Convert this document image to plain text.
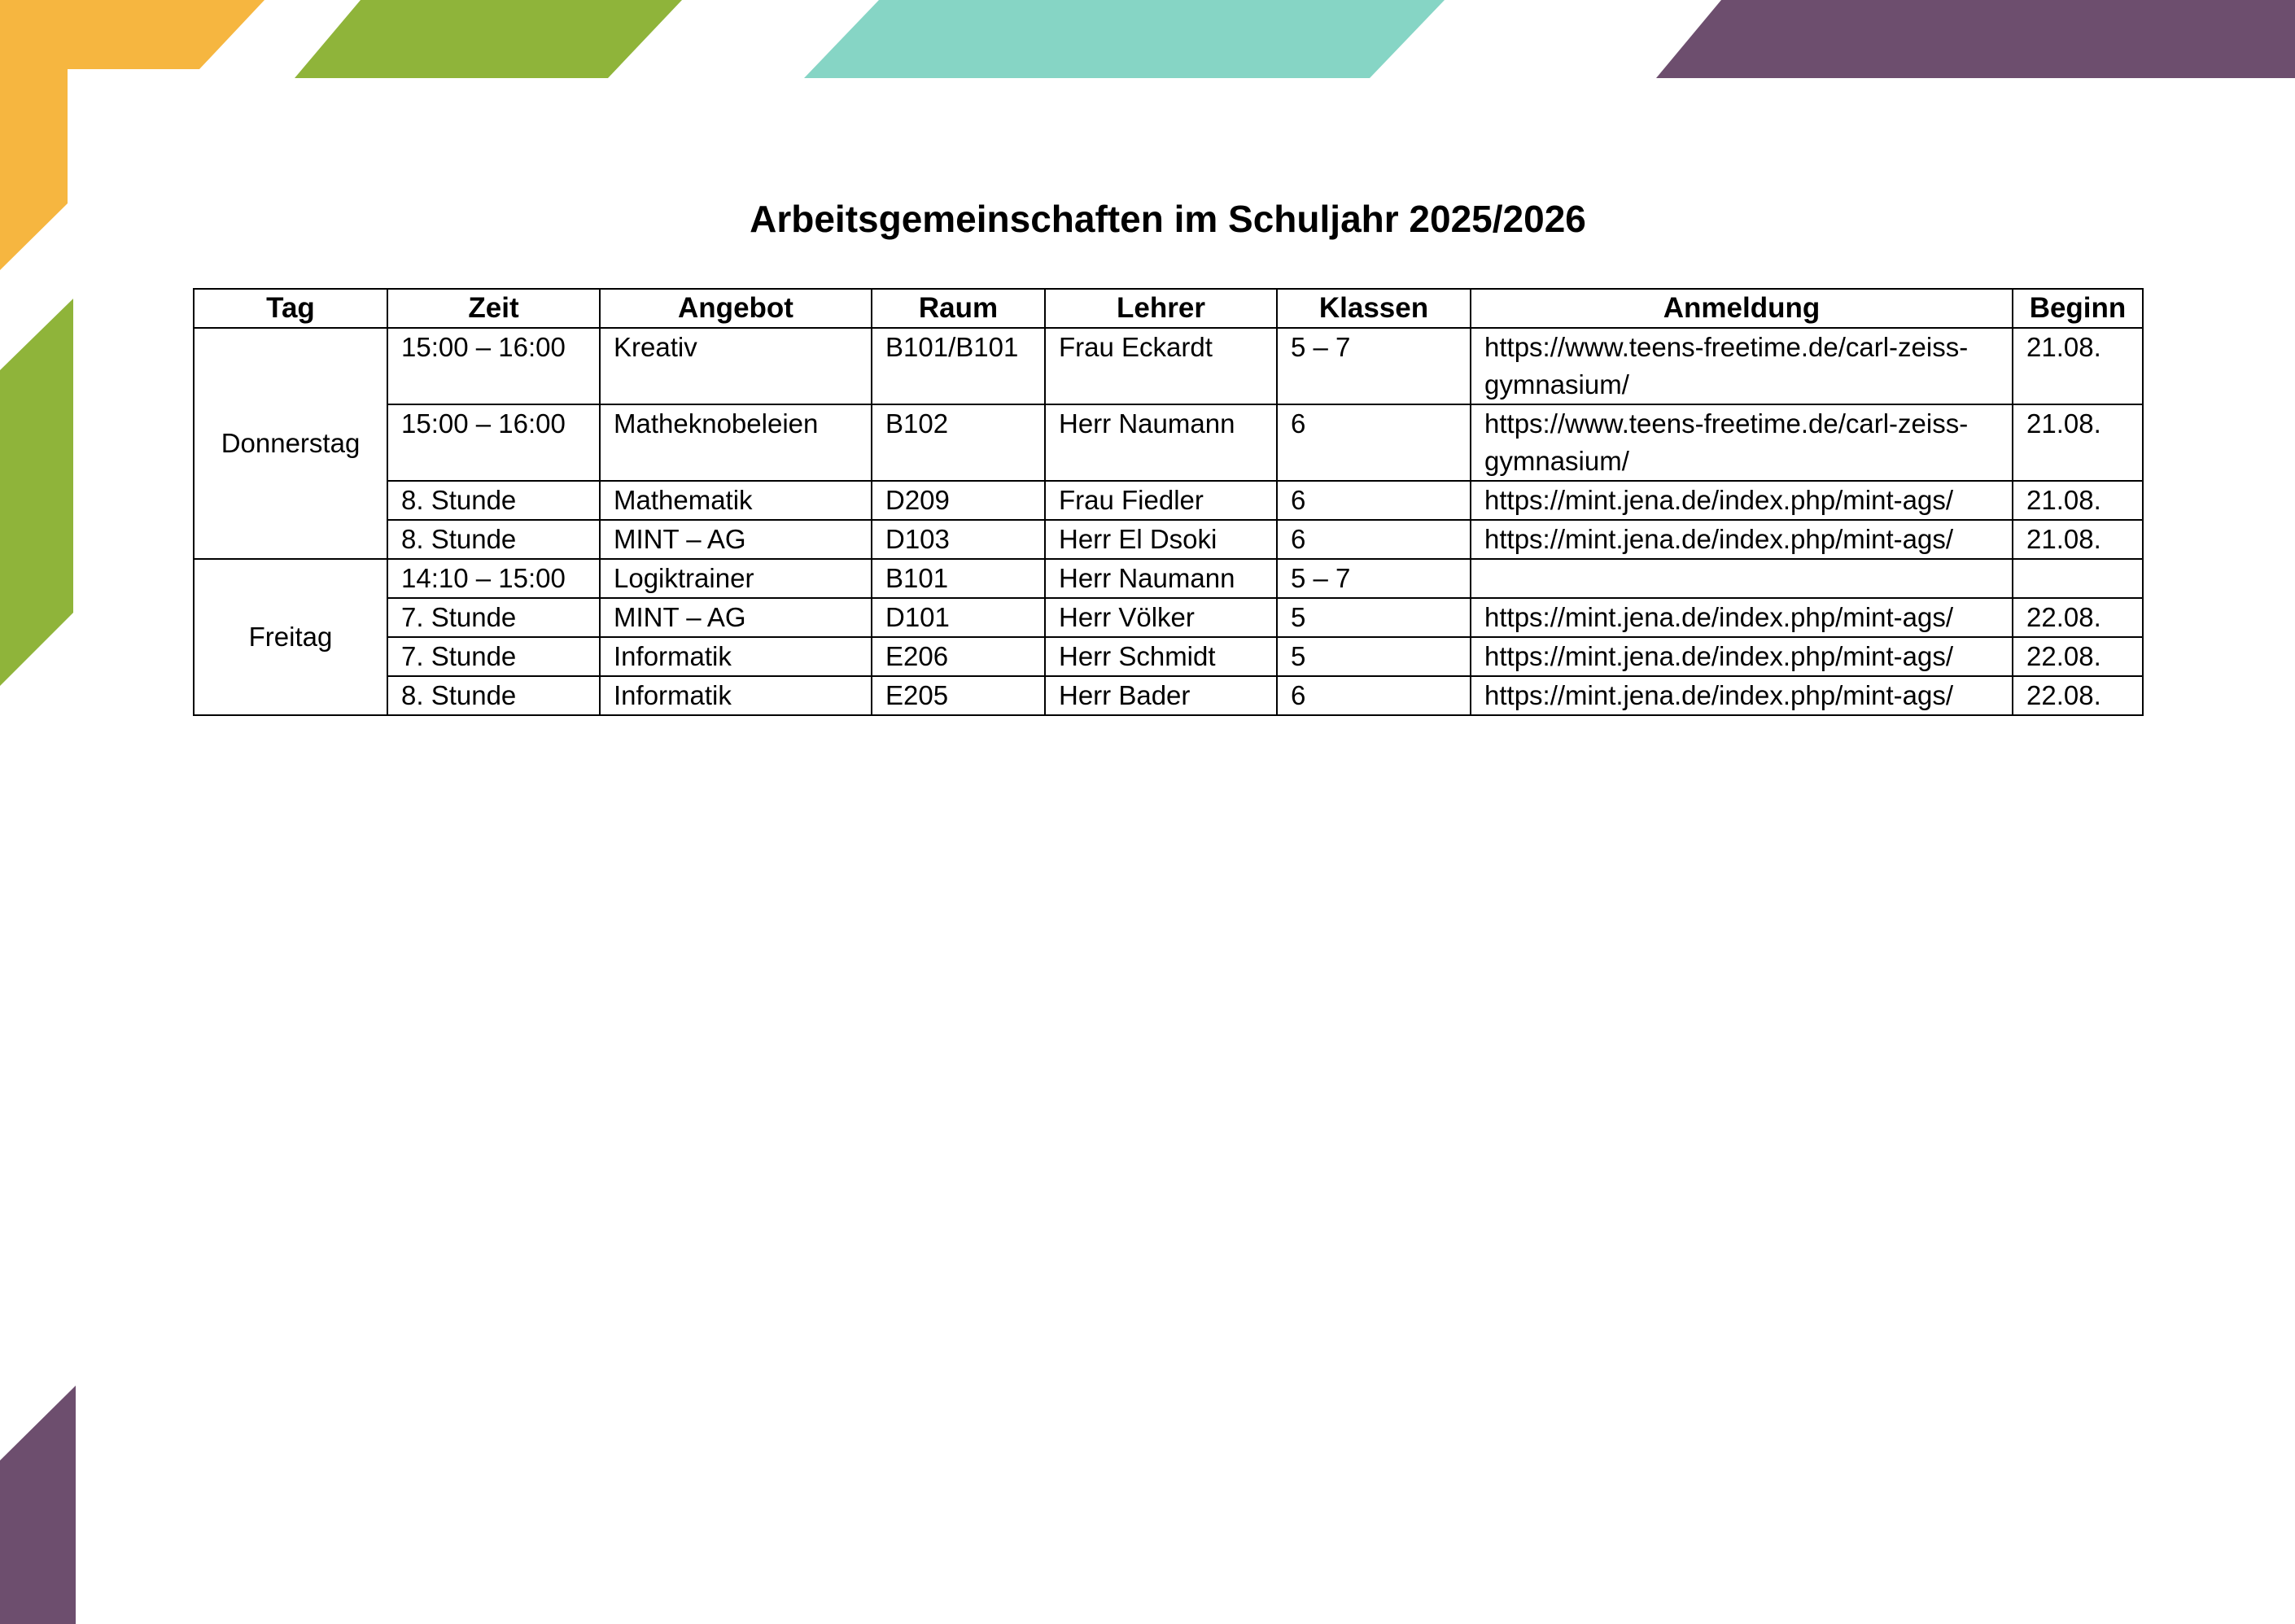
Arbeitsgemeinschaften im Schuljahr 2025/2026
Tag	Zeit	Angebot	Raum	Lehrer	Klassen	Anmeldung	Beginn
Donnerstag	15:00 – 16:00	Kreativ	B101/B101	Frau Eckardt	5 – 7	https://www.teens-freetime.de/carl-zeiss-gymnasium/	21.08.
	15:00 – 16:00	Matheknobeleien	B102	Herr Naumann	6	https://www.teens-freetime.de/carl-zeiss-gymnasium/	21.08.
	8. Stunde	Mathematik	D209	Frau Fiedler	6	https://mint.jena.de/index.php/mint-ags/	21.08.
	8. Stunde	MINT – AG	D103	Herr El Dsoki	6	https://mint.jena.de/index.php/mint-ags/	21.08.
Freitag	14:10 – 15:00	Logiktrainer	B101	Herr Naumann	5 – 7		
	7. Stunde	MINT – AG	D101	Herr Völker	5	https://mint.jena.de/index.php/mint-ags/	22.08.
	7. Stunde	Informatik	E206	Herr Schmidt	5	https://mint.jena.de/index.php/mint-ags/	22.08.
	8. Stunde	Informatik	E205	Herr Bader	6	https://mint.jena.de/index.php/mint-ags/	22.08.
